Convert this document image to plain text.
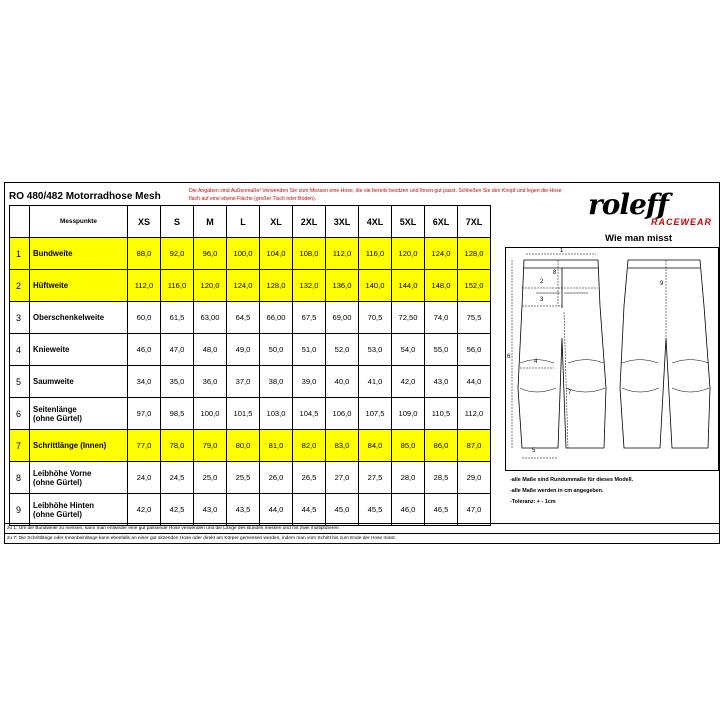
RO 480/482 Motorradhose Mesh	Die Angaben sind Außenmaße! Verwenden Sie zum Messen eine Hose, die sie bereits besitzen und Ihnen gut passt. Schließen Sie den Knopf und legen die Hose flach auf eine ebene Fläche (großer Tisch oder Boden).
	Messpunkte	XS	S	M	L	XL	2XL	3XL	4XL	5XL	6XL	7XL
1	Bundweite	88,0	92,0	96,0	100,0	104,0	108,0	112,0	116,0	120,0	124,0	128,0
2	Hüftweite	112,0	116,0	120,0	124,0	128,0	132,0	136,0	140,0	144,0	148,0	152,0
3	Oberschenkelweite	60,0	61,5	63,00	64,5	66,00	67,5	69,00	70,5	72,50	74,0	75,5
4	Knieweite	46,0	47,0	48,0	49,0	50,0	51,0	52,0	53,0	54,0	55,0	56,0
5	Saumweite	34,0	35,0	36,0	37,0	38,0	39,0	40,0	41,0	42,0	43,0	44,0
6	Seitenlänge
(ohne Gürtel)	97,0	98,5	100,0	101,5	103,0	104,5	106,0	107,5	109,0	110,5	112,0
7	Schrittlänge (Innen)	77,0	78,0	79,0	80,0	81,0	82,0	83,0	84,0	85,0	86,0	87,0
8	Leibhöhe Vorne
(ohne Gürtel)	24,0	24,5	25,0	25,5	26,0	26,5	27,0	27,5	28,0	28,5	29,0
9	Leibhöhe Hinten
(ohne Gürtel)	42,0	42,5	43,0	43,5	44,0	44,5	45,0	45,5	46,0	46,5	47,0
roleff
RACEWEAR
Wie man misst
1
2
3
4
5
6
7
8
9
-alle Maße sind Rundummaße für dieses Modell.
-alle Maße werden in cm angegeben.
-Toleranz: + - 1cm
zu 1: Um die Bundweite zu messen, kann man entweder eine gut passende Hose verwenden und die Länge des Bundes messen und mit zwei multiplizieren
zu 7: Die Schrittlänge oder Innenbeinlänge kann ebenfalls an einer gut sitzenden Hose oder direkt am Körper gemessen werden, indem man vom Schritt bis zum Ende der Hose misst.
